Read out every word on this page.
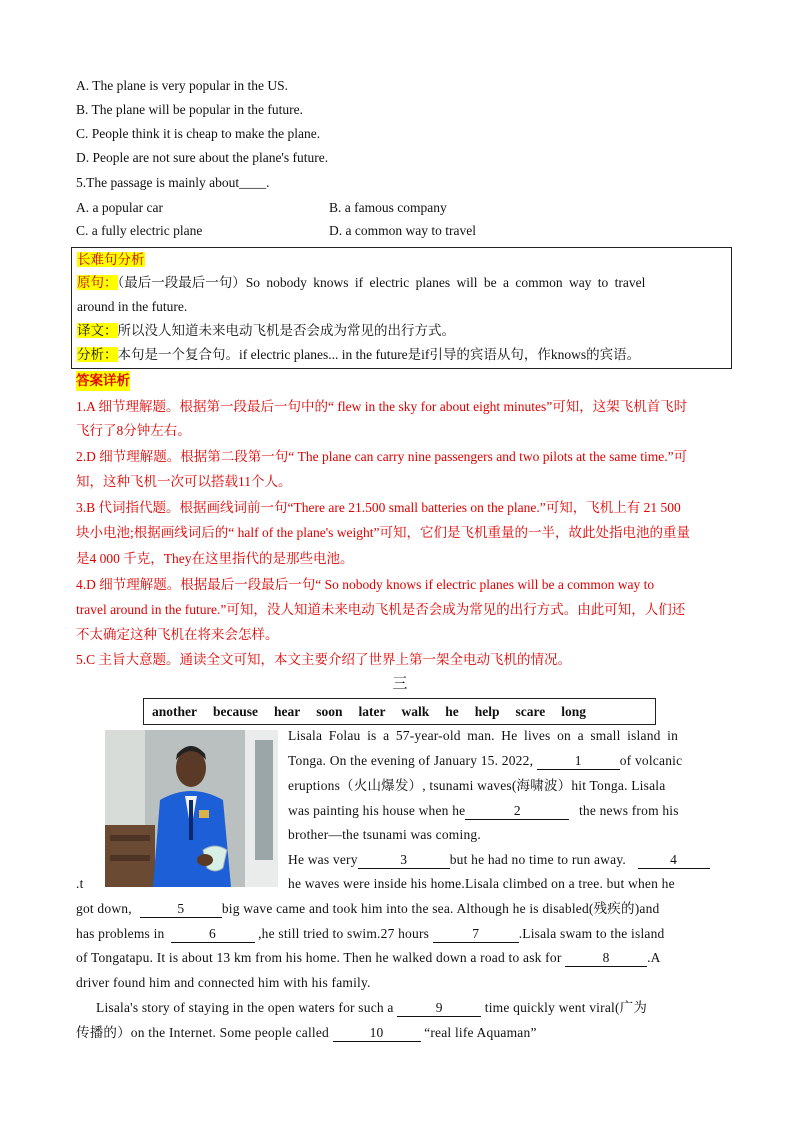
A. The plane is very popular in the US.
B. The plane will be popular in the future.
C. People think it is cheap to make the plane.
D. People are not sure about the plane's future.
5.The passage is mainly about____.
A. a popular car	B. a famous company
C. a fully electric plane	D. a common way to travel
长难句分析
原句：（最后一段最后一句）So nobody knows if electric planes will be a common way to travel
around in the future.
译文：所以没人知道未来电动飞机是否会成为常见的出行方式。
分析：本句是一个复合句。if electric planes... in the future是if引导的宾语从句，作knows的宾语。
答案详析
1.A 细节理解题。根据第一段最后一句中的“ flew in the sky for about eight minutes”可知，这架飞机首飞时
飞行了8分钟左右。
2.D 细节理解题。根据第二段第一句“ The plane can carry nine passengers and two pilots at the same time.”可
知，这种飞机一次可以搭载11个人。
3.B 代词指代题。根据画线词前一句“There are 21.500 small batteries on the plane.”可知，飞机上有 21 500
块小电池;根据画线词后的“ half of the plane's weight”可知，它们是飞机重量的一半，故此处指电池的重量
是4 000 千克，They在这里指代的是那些电池。
4.D 细节理解题。根据最后一段最后一句“ So nobody knows if electric planes will be a common way to
travel around in the future.”可知，没人知道未来电动飞机是否会成为常见的出行方式。由此可知，人们还
不太确定这种飞机在将来会怎样。
5.C 主旨大意题。通读全文可知，本文主要介绍了世界上第一架全电动飞机的情况。
三
another because hear soon later walk he help scare long
Lisala Folau is a 57-year-old man. He lives on a small island in
Tonga. On the evening of January 15. 2022,	1	of volcanic
eruptions（火山爆发）, tsunami waves(海啸波）hit Tonga. Lisala
was painting his house when he	2	the news from his
brother—the tsunami was coming.
He was very	3	but he had no time to run away.	4
.t	he waves were inside his home.Lisala climbed on a tree. but when he
got down,	5	big wave came and took him into the sea. Although he is disabled(残疾的)and
has problems in	6	,he still tried to swim.27 hours	7	.Lisala swam to the island
of Tongatapu. It is about 13 km from his home. Then he walked down a road to ask for	8	.A
driver found him and connected him with his family.
Lisala's story of staying in the open waters for such a	9	time quickly went viral(广为
传播的）on the Internet. Some people called	10	“real life Aquaman”
